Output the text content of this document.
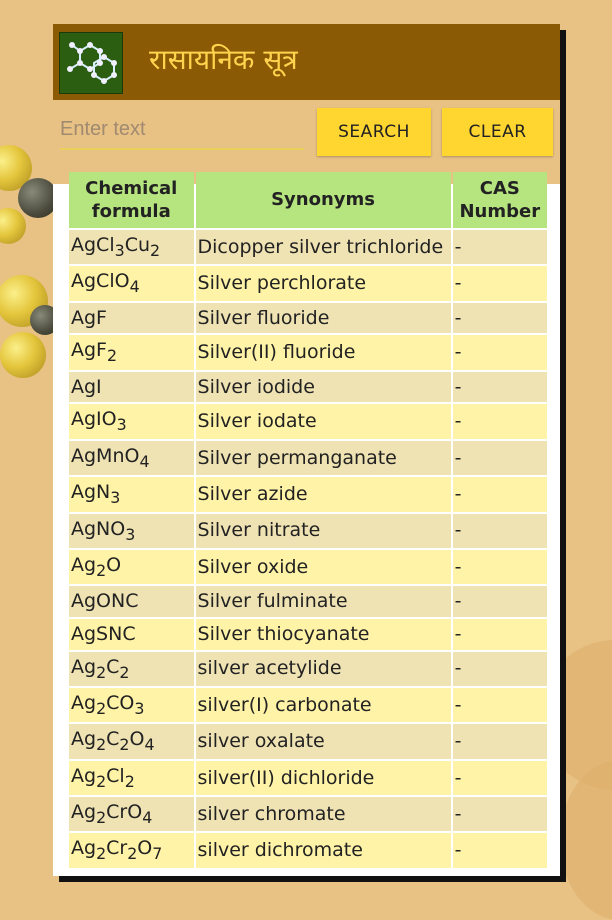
रासायनिक सूत्र
Enter text
SEARCH	CLEAR
Chemical formula	Synonyms	CAS Number
$AgCl_3Cu_2$	Dicopper silver trichloride	-
AgClO$_4$	Silver perchlorate	-
AgF	Silver fluoride	-
AgF$_2$	Silver(II) fluoride	-
AgI	Silver iodide	-
AgIO$_3$	Silver iodate	-
AgMnO$_4$	Silver permanganate	-
AgN$_3$	Silver azide	-
AgNO$_3$	Silver nitrate	-
$Ag_2O$	Silver oxide	-
AgONC	Silver fulminate	-
AgSNC	Silver thiocyanate	-
$Ag_2C_2$	silver acetylide	-
$Ag_2CO_3$	silver(I) carbonate	-
$Ag_2C_2O_4$	silver oxalate	-
$Ag_2Cl_2$	silver(II) dichloride	-
$Ag_2CrO_4$	silver chromate	-
$Ag_2Cr_2O_7$	silver dichromate	-
